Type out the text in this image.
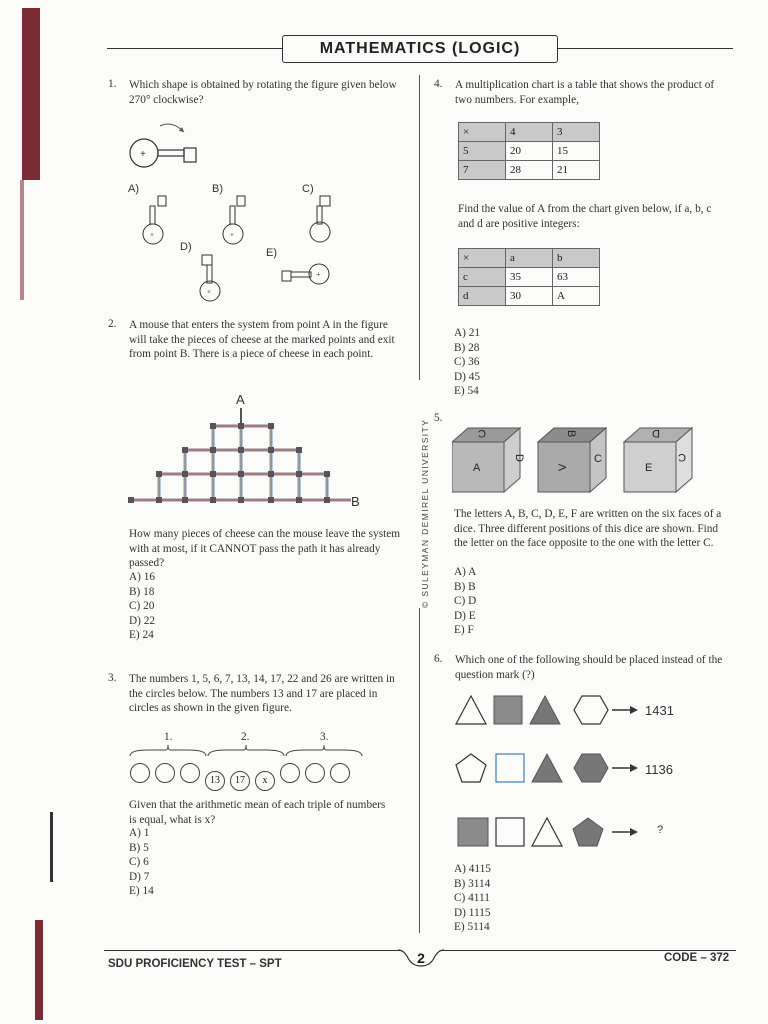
MATHEMATICS (LOGIC)
1. Which shape is obtained by rotating the figure given below 270° clockwise?
+
A)
×
B)
+
C)
D)
×
E)
+
2. A mouse that enters the system from point A in the figure will take the pieces of cheese at the marked points and exit from point B. There is a piece of cheese in each point.
A
B
How many pieces of cheese can the mouse leave the system with at most, if it CANNOT pass the path it has already passed?
A) 16
B) 18
C) 20
D) 22
E) 24
3. The numbers 1, 5, 6, 7, 13, 14, 17, 22 and 26 are written in the circles below. The numbers 13 and 17 are placed in circles as shown in the given figure.
1.	2.	3.
13 17 x
Given that the arithmetic mean of each triple of numbers is equal, what is x?
A) 1
B) 5
C) 6
D) 7
E) 14
© SULEYMAN DEMIREL UNIVERSITY
4. A multiplication chart is a table that shows the product of two numbers. For example,
×	4	3
5	20	15
7	28	21
Find the value of A from the chart given below, if a, b, c and d are positive integers:
×	a	b
c	35	63
d	30	A
A) 21
B) 28
C) 36
D) 45
E) 54
5.
C
A
D
B
V
C
D
E
C
The letters A, B, C, D, E, F are written on the six faces of a dice. Three different positions of this dice are shown. Find the letter on the face opposite to the one with the letter C.
A) A
B) B
C) D
D) E
E) F
6. Which one of the following should be placed instead of the question mark (?)
1431
1136
?
A) 4115
B) 3114
C) 4111
D) 1115
E) 5114
2
SDU PROFICIENCY TEST – SPT	CODE – 372
